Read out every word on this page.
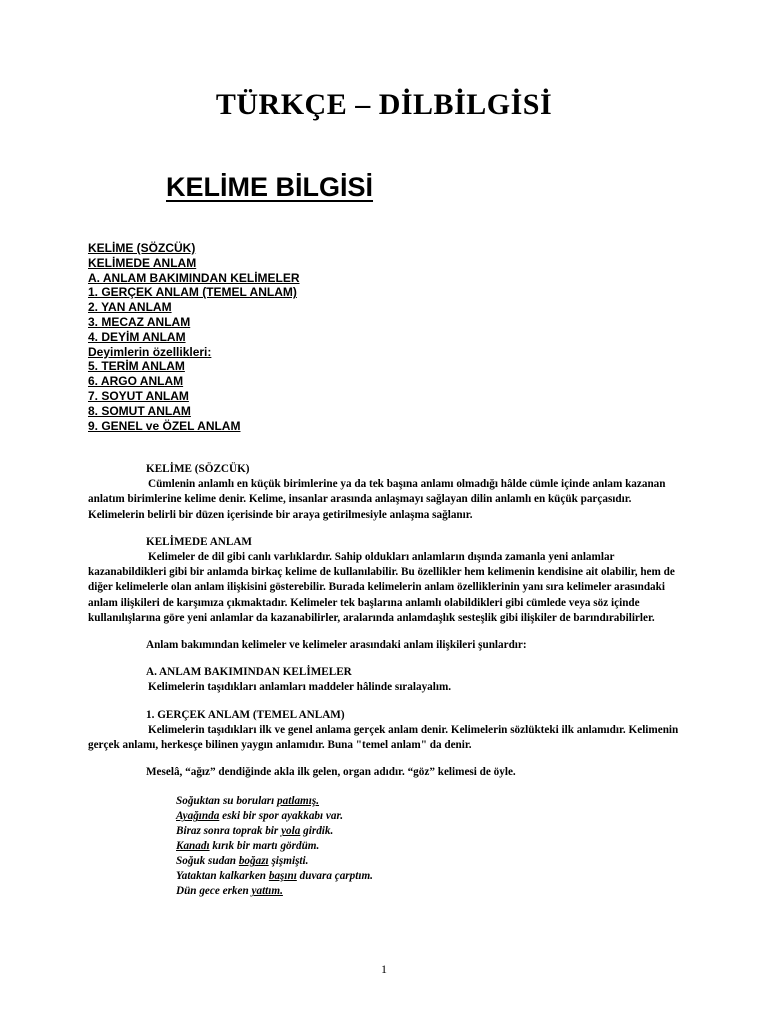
TÜRKÇE – DİLBİLGİSİ
KELİME BİLGİSİ
KELİME (SÖZCÜK)
KELİMEDE ANLAM
A. ANLAM BAKIMINDAN KELİMELER
1. GERÇEK ANLAM (TEMEL ANLAM)
2. YAN ANLAM
3. MECAZ ANLAM
4. DEYİM ANLAM
Deyimlerin özellikleri:
5. TERİM ANLAM
6. ARGO ANLAM
7. SOYUT ANLAM
8. SOMUT ANLAM
9. GENEL ve ÖZEL ANLAM

KELİME (SÖZCÜK)

Cümlenin anlamlı en küçük birimlerine ya da tek başına anlamı olmadığı hâlde cümle içinde anlam kazanan anlatım birimlerine kelime denir. Kelime, insanlar arasında anlaşmayı sağlayan dilin anlamlı en küçük parçasıdır. Kelimelerin belirli bir düzen içerisinde bir araya getirilmesiyle anlaşma sağlanır.

KELİMEDE ANLAM

Kelimeler de dil gibi canlı varlıklardır. Sahip oldukları anlamların dışında zamanla yeni anlamlar kazanabildikleri gibi bir anlamda birkaç kelime de kullanılabilir. Bu özellikler hem kelimenin kendisine ait olabilir, hem de diğer kelimelerle olan anlam ilişkisini gösterebilir. Burada kelimelerin anlam özelliklerinin yanı sıra kelimeler arasındaki anlam ilişkileri de karşımıza çıkmaktadır. Kelimeler tek başlarına anlamlı olabildikleri gibi cümlede veya söz içinde kullanılışlarına göre yeni anlamlar da kazanabilirler, aralarında anlamdaşlık sesteşlik gibi ilişkiler de barındırabilirler.

Anlam bakımından kelimeler ve kelimeler arasındaki anlam ilişkileri şunlardır:

A. ANLAM BAKIMINDAN KELİMELER

Kelimelerin taşıdıkları anlamları maddeler hâlinde sıralayalım.

1. GERÇEK ANLAM (TEMEL ANLAM)

Kelimelerin taşıdıkları ilk ve genel anlama gerçek anlam denir. Kelimelerin sözlükteki ilk anlamıdır. Kelimenin gerçek anlamı, herkesçe bilinen yaygın anlamıdır. Buna "temel anlam" da denir.

Meselâ, “ağız” dendiğinde akla ilk gelen, organ adıdır. “göz” kelimesi de öyle.

Soğuktan su boruları patlamış.
Ayağında eski bir spor ayakkabı var.
Biraz sonra toprak bir yola girdik.
Kanadı kırık bir martı gördüm.
Soğuk sudan boğazı şişmişti.
Yataktan kalkarken başını duvara çarptım.
Dün gece erken yattım.
1
